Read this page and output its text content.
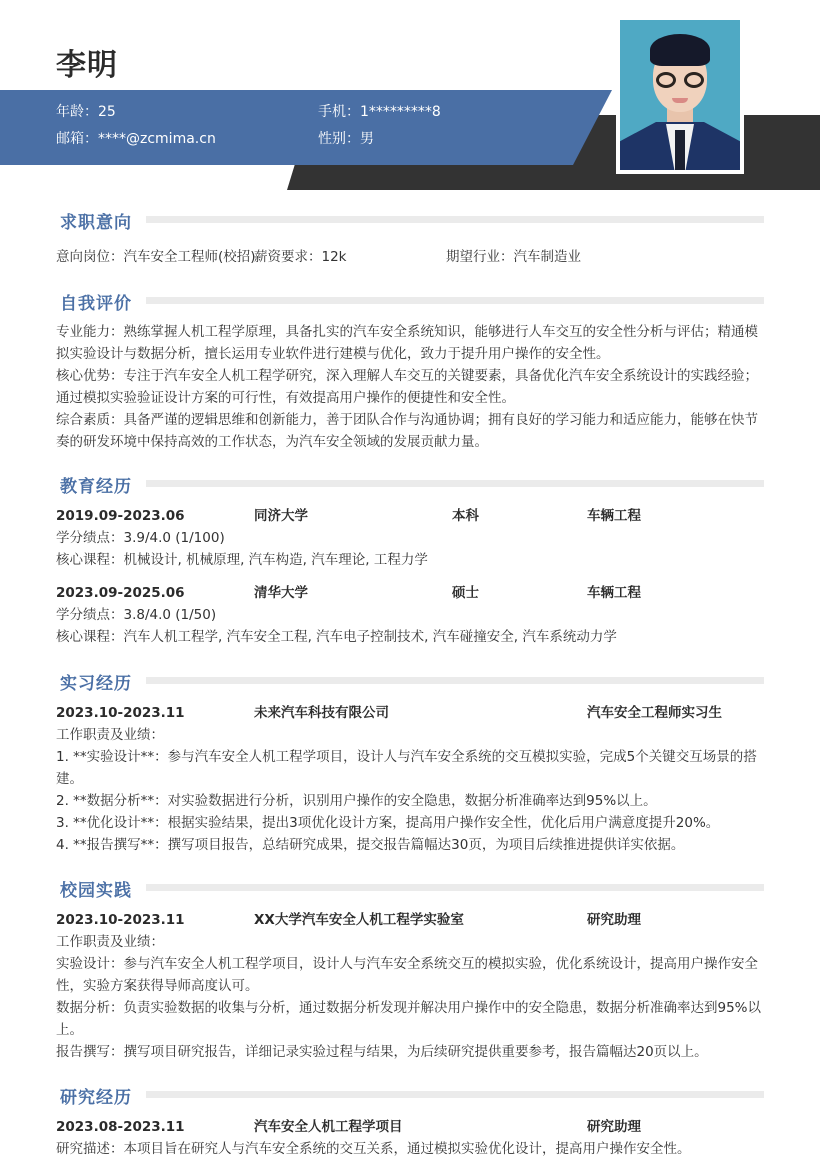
李明
年龄：25
邮箱：****@zcmima.cn
手机：1*********8
性别：男
求职意向
意向岗位：汽车安全工程师(校招)
薪资要求：12k	期望行业：汽车制造业
自我评价
专业能力：熟练掌握人机工程学原理，具备扎实的汽车安全系统知识，能够进行人车交互的安全性分析与评估；精通模拟实验设计与数据分析，擅长运用专业软件进行建模与优化，致力于提升用户操作的安全性。
核心优势：专注于汽车安全人机工程学研究，深入理解人车交互的关键要素，具备优化汽车安全系统设计的实践经验；通过模拟实验验证设计方案的可行性，有效提高用户操作的便捷性和安全性。
综合素质：具备严谨的逻辑思维和创新能力，善于团队合作与沟通协调；拥有良好的学习能力和适应能力，能够在快节奏的研发环境中保持高效的工作状态，为汽车安全领域的发展贡献力量。
教育经历
2019.09-2023.06	同济大学	本科	车辆工程
学分绩点：3.9/4.0 (1/100)
核心课程：机械设计, 机械原理, 汽车构造, 汽车理论, 工程力学
2023.09-2025.06	清华大学	硕士	车辆工程
学分绩点：3.8/4.0 (1/50)
核心课程：汽车人机工程学, 汽车安全工程, 汽车电子控制技术, 汽车碰撞安全, 汽车系统动力学
实习经历
2023.10-2023.11	未来汽车科技有限公司	汽车安全工程师实习生
工作职责及业绩：
1. **实验设计**：参与汽车安全人机工程学项目，设计人与汽车安全系统的交互模拟实验，完成5个关键交互场景的搭建。
2. **数据分析**：对实验数据进行分析，识别用户操作的安全隐患，数据分析准确率达到95%以上。
3. **优化设计**：根据实验结果，提出3项优化设计方案，提高用户操作安全性，优化后用户满意度提升20%。
4. **报告撰写**：撰写项目报告，总结研究成果，提交报告篇幅达30页，为项目后续推进提供详实依据。
校园实践
2023.10-2023.11	XX大学汽车安全人机工程学实验室	研究助理
工作职责及业绩：
实验设计：参与汽车安全人机工程学项目，设计人与汽车安全系统交互的模拟实验，优化系统设计，提高用户操作安全性，实验方案获得导师高度认可。
数据分析：负责实验数据的收集与分析，通过数据分析发现并解决用户操作中的安全隐患，数据分析准确率达到95%以上。
报告撰写：撰写项目研究报告，详细记录实验过程与结果，为后续研究提供重要参考，报告篇幅达20页以上。
研究经历
2023.08-2023.11	汽车安全人机工程学项目	研究助理
研究描述：本项目旨在研究人与汽车安全系统的交互关系，通过模拟实验优化设计，提高用户操作安全性。
